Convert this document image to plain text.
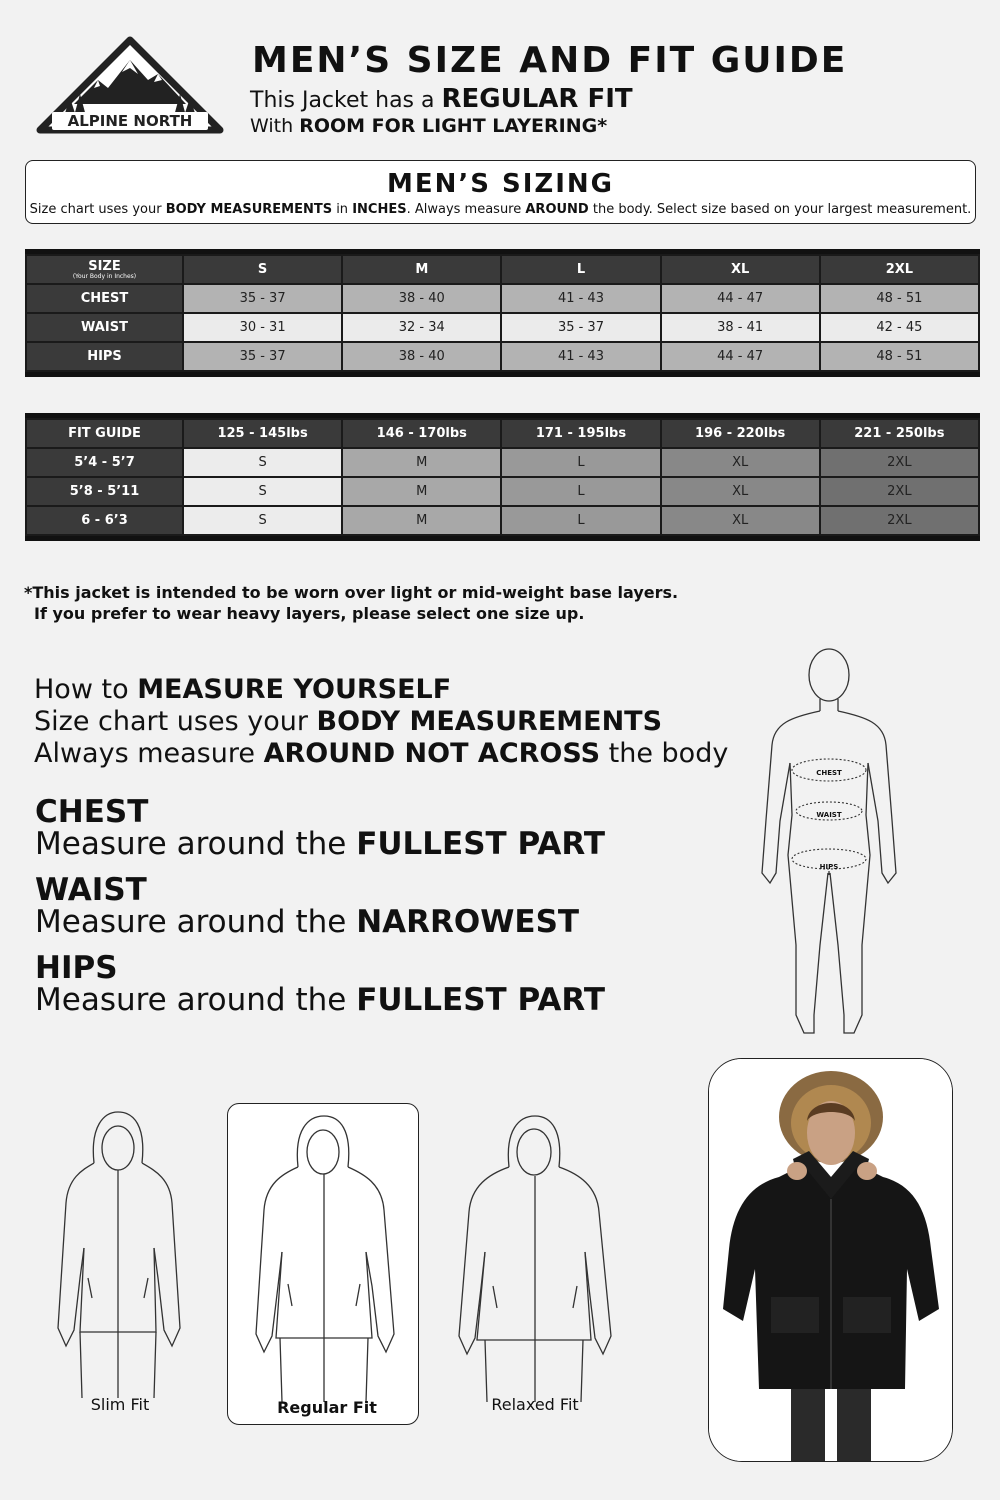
ALPINE NORTH
MEN’S SIZE AND FIT GUIDE
This Jacket has a REGULAR FIT
With ROOM FOR LIGHT LAYERING*
MEN’S SIZING
Size chart uses your BODY MEASUREMENTS in INCHES. Always measure AROUND the body. Select size based on your largest measurement.
SIZE
(Your Body in Inches)	S	M	L	XL	2XL
CHEST	35 - 37	38 - 40	41 - 43	44 - 47	48 - 51
WAIST	30 - 31	32 - 34	35 - 37	38 - 41	42 - 45
HIPS	35 - 37	38 - 40	41 - 43	44 - 47	48 - 51
FIT GUIDE	125 - 145lbs	146 - 170lbs	171 - 195lbs	196 - 220lbs	221 - 250lbs
5’4 - 5’7	S	M	L	XL	2XL
5’8 - 5’11	S	M	L	XL	2XL
6 - 6’3	S	M	L	XL	2XL
*This jacket is intended to be worn over light or mid-weight base layers.
If you prefer to wear heavy layers, please select one size up.
How to MEASURE YOURSELF
Size chart uses your BODY MEASUREMENTS
Always measure AROUND NOT ACROSS the body
CHEST
Measure around the FULLEST PART
WAIST
Measure around the NARROWEST
HIPS
Measure around the FULLEST PART
CHEST
WAIST
HIPS
Slim Fit	Regular Fit	Relaxed Fit
